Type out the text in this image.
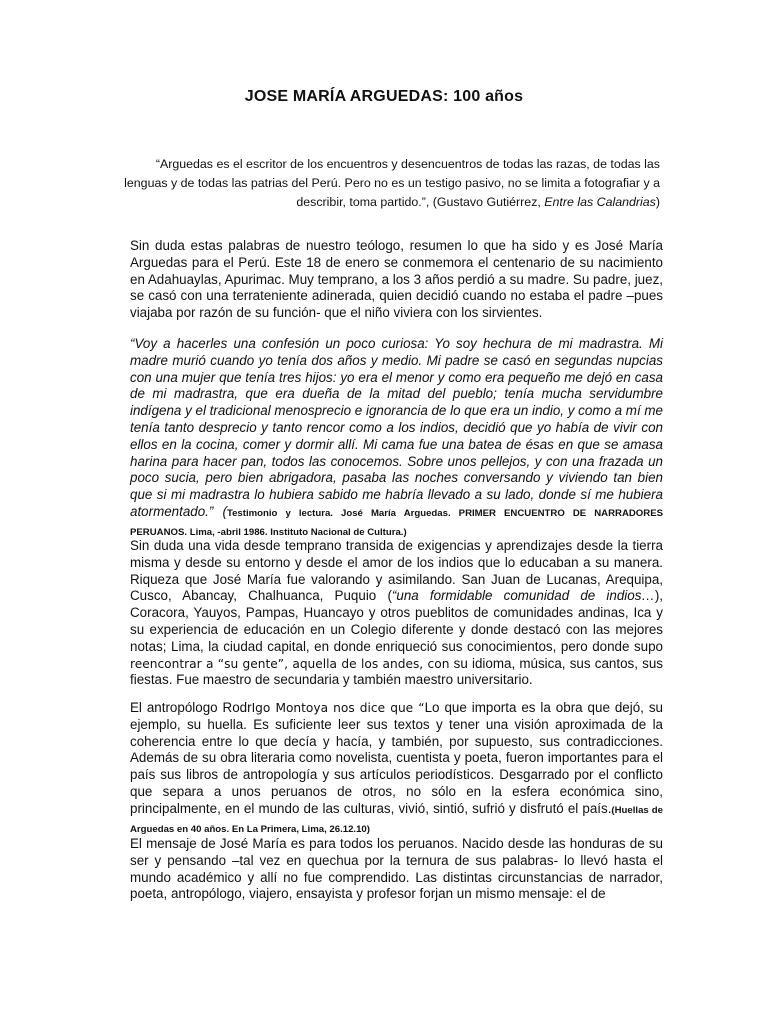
JOSE MARÍA ARGUEDAS: 100 años
“Arguedas es el escritor de los encuentros y desencuentros de todas las razas, de todas las lenguas y de todas las patrias del Perú. Pero no es un testigo pasivo, no se limita a fotografiar y a describir, toma partido.”, (Gustavo Gutiérrez, Entre las Calandrias)

Sin duda estas palabras de nuestro teólogo, resumen lo que ha sido y es José María Arguedas para el Perú. Este 18 de enero se conmemora el centenario de su nacimiento en Adahuaylas, Apurimac. Muy temprano, a los 3 años perdió a su madre. Su padre, juez, se casó con una terrateniente adinerada, quien decidió cuando no estaba el padre –pues viajaba por razón de su función- que el niño viviera con los sirvientes.

“Voy a hacerles una confesión un poco curiosa: Yo soy hechura de mi madrastra. Mi madre murió cuando yo tenía dos años y medio. Mi padre se casó en segundas nupcias con una mujer que tenía tres hijos: yo era el menor y como era pequeño me dejó en casa de mi madrastra, que era dueña de la mitad del pueblo; tenía mucha servidumbre indígena y el tradicional menosprecio e ignorancia de lo que era un indio, y como a mí me tenía tanto desprecio y tanto rencor como a los indios, decidió que yo había de vivir con ellos en la cocina, comer y dormir allí. Mi cama fue una batea de ésas en que se amasa harina para hacer pan, todos las conocemos. Sobre unos pellejos, y con una frazada un poco sucia, pero bien abrigadora, pasaba las noches conversando y viviendo tan bien que si mi madrastra lo hubiera sabido me habría llevado a su lado, donde sí me hubiera atormentado.” (Testimonio y lectura. José María Arguedas. PRIMER ENCUENTRO DE NARRADORES PERUANOS. Lima, -abril 1986. Instituto Nacional de Cultura.)

Sin duda una vida desde temprano transida de exigencias y aprendizajes desde la tierra misma y desde su entorno y desde el amor de los indios que lo educaban a su manera. Riqueza que José María fue valorando y asimilando. San Juan de Lucanas, Arequipa, Cusco, Abancay, Chalhuanca, Puquio (“una formidable comunidad de indios…), Coracora, Yauyos, Pampas, Huancayo y otros pueblitos de comunidades andinas, Ica y su experiencia de educación en un Colegio diferente y donde destacó con las mejores notas; Lima, la ciudad capital, en donde enriqueció sus conocimientos, pero donde supo reencontrar a “su gente”, aquella de los andes, con su idioma, música, sus cantos, sus fiestas. Fue maestro de secundaria y también maestro universitario.

El antropólogo RodrIgo Montoya nos dice que “Lo que importa es la obra que dejó, su ejemplo, su huella. Es suficiente leer sus textos y tener una visión aproximada de la coherencia entre lo que decía y hacía, y también, por supuesto, sus contradicciones. Además de su obra literaria como novelista, cuentista y poeta, fueron importantes para el país sus libros de antropología y sus artículos periodísticos. Desgarrado por el conflicto que separa a unos peruanos de otros, no sólo en la esfera económica sino, principalmente, en el mundo de las culturas, vivió, sintió, sufrió y disfrutó el país.(Huellas de Arguedas en 40 años. En La Primera, Lima, 26.12.10)

El mensaje de José María es para todos los peruanos. Nacido desde las honduras de su ser y pensando –tal vez en quechua por la ternura de sus palabras- lo llevó hasta el mundo académico y allí no fue comprendido. Las distintas circunstancias de narrador, poeta, antropólogo, viajero, ensayista y profesor forjan un mismo mensaje: el de
